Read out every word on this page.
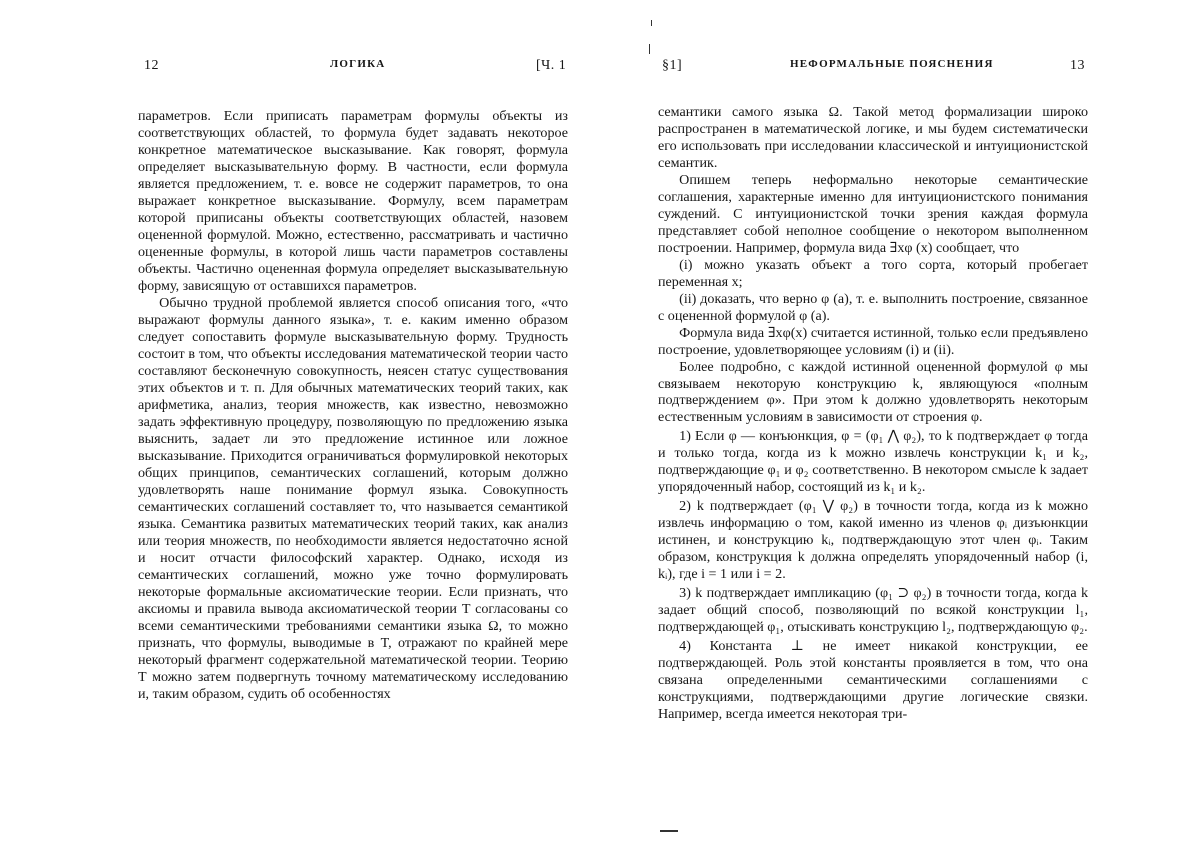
12	ЛОГИКА	[Ч. 1

параметров. Если приписать параметрам формулы объекты из соответствующих областей, то формула будет задавать некоторое конкретное математическое высказывание. Как говорят, формула определяет высказывательную форму. В частности, если формула является предложением, т. е. вовсе не содержит параметров, то она выражает конкретное высказывание. Формулу, всем параметрам которой приписаны объекты соответствующих областей, назовем оцененной формулой. Можно, естественно, рассматривать и частично оцененные формулы, в которой лишь части параметров составлены объекты. Частично оцененная формула определяет высказывательную форму, зависящую от оставшихся параметров.

Обычно трудной проблемой является способ описания того, «что выражают формулы данного языка», т. е. каким именно образом следует сопоставить формуле высказывательную форму. Трудность состоит в том, что объекты исследования математической теории часто составляют бесконечную совокупность, неясен статус существования этих объектов и т. п. Для обычных математических теорий таких, как арифметика, анализ, теория множеств, как известно, невозможно задать эффективную процедуру, позволяющую по предложению языка выяснить, задает ли это предложение истинное или ложное высказывание. Приходится ограничиваться формулировкой некоторых общих принципов, семантических соглашений, которым должно удовлетворять наше понимание формул языка. Совокупность семантических соглашений составляет то, что называется семантикой языка. Семантика развитых математических теорий таких, как анализ или теория множеств, по необходимости является недостаточно ясной и носит отчасти философский характер. Однако, исходя из семантических соглашений, можно уже точно формулировать некоторые формальные аксиоматические теории. Если признать, что аксиомы и правила вывода аксиоматической теории T согласованы со всеми семантическими требованиями семантики языка Ω, то можно признать, что формулы, выводимые в T, отражают по крайней мере некоторый фрагмент содержательной математической теории. Теорию T можно затем подвергнуть точному математическому исследованию и, таким образом, судить об особенностях

§1]	НЕФОРМАЛЬНЫЕ ПОЯСНЕНИЯ	13

семантики самого языка Ω. Такой метод формализации широко распространен в математической логике, и мы будем систематически его использовать при исследовании классической и интуиционистской семантик.

Опишем теперь неформально некоторые семантические соглашения, характерные именно для интуиционистского понимания суждений. С интуиционистской точки зрения каждая формула представляет собой неполное сообщение о некотором выполненном построении. Например, формула вида ∃xφ (x) сообщает, что

(i) можно указать объект a того сорта, который пробегает переменная x;

(ii) доказать, что верно φ (a), т. е. выполнить построение, связанное с оцененной формулой φ (a).

Формула вида ∃xφ(x) считается истинной, только если предъявлено построение, удовлетворяющее условиям (i) и (ii).

Более подробно, с каждой истинной оцененной формулой φ мы связываем некоторую конструкцию k, являющуюся «полным подтверждением φ». При этом k должно удовлетворять некоторым естественным условиям в зависимости от строения φ.

1) Если φ — конъюнкция, φ = (φ₁ ⋀ φ₂), то k подтверждает φ тогда и только тогда, когда из k можно извлечь конструкции k₁ и k₂, подтверждающие φ₁ и φ₂ соответственно. В некотором смысле k задает упорядоченный набор, состоящий из k₁ и k₂.

2) k подтверждает (φ₁ ⋁ φ₂) в точности тогда, когда из k можно извлечь информацию о том, какой именно из членов φᵢ дизъюнкции истинен, и конструкцию kᵢ, подтверждающую этот член φᵢ. Таким образом, конструкция k должна определять упорядоченный набор (i, kᵢ), где i = 1 или i = 2.

3) k подтверждает импликацию (φ₁ ⊃ φ₂) в точности тогда, когда k задает общий способ, позволяющий по всякой конструкции l₁, подтверждающей φ₁, отыскивать конструкцию l₂, подтверждающую φ₂.

4) Константа ⊥ не имеет никакой конструкции, ее подтверждающей. Роль этой константы проявляется в том, что она связана определенными семантическими соглашениями с конструкциями, подтверждающими другие логические связки. Например, всегда имеется некоторая три-
